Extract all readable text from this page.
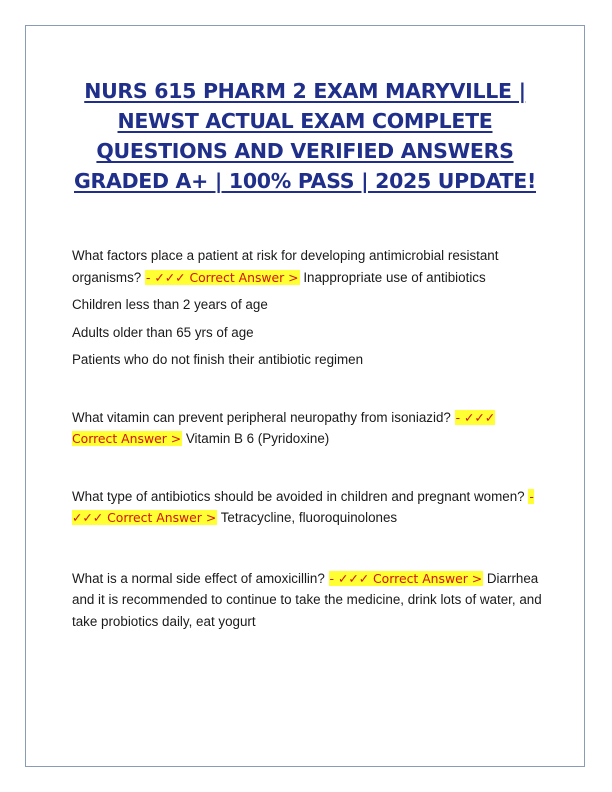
NURS 615 PHARM 2 EXAM MARYVILLE | NEWST ACTUAL EXAM COMPLETE QUESTIONS AND VERIFIED ANSWERS GRADED A+ | 100% PASS | 2025 UPDATE!

What factors place a patient at risk for developing antimicrobial resistant organisms? - ✓✓✓ Correct Answer > Inappropriate use of antibiotics

Children less than 2 years of age

Adults older than 65 yrs of age

Patients who do not finish their antibiotic regimen

What vitamin can prevent peripheral neuropathy from isoniazid? - ✓✓✓ Correct Answer > Vitamin B 6 (Pyridoxine)

What type of antibiotics should be avoided in children and pregnant women? - ✓✓✓ Correct Answer > Tetracycline, fluoroquinolones

What is a normal side effect of amoxicillin? - ✓✓✓ Correct Answer > Diarrhea and it is recommended to continue to take the medicine, drink lots of water, and take probiotics daily, eat yogurt
